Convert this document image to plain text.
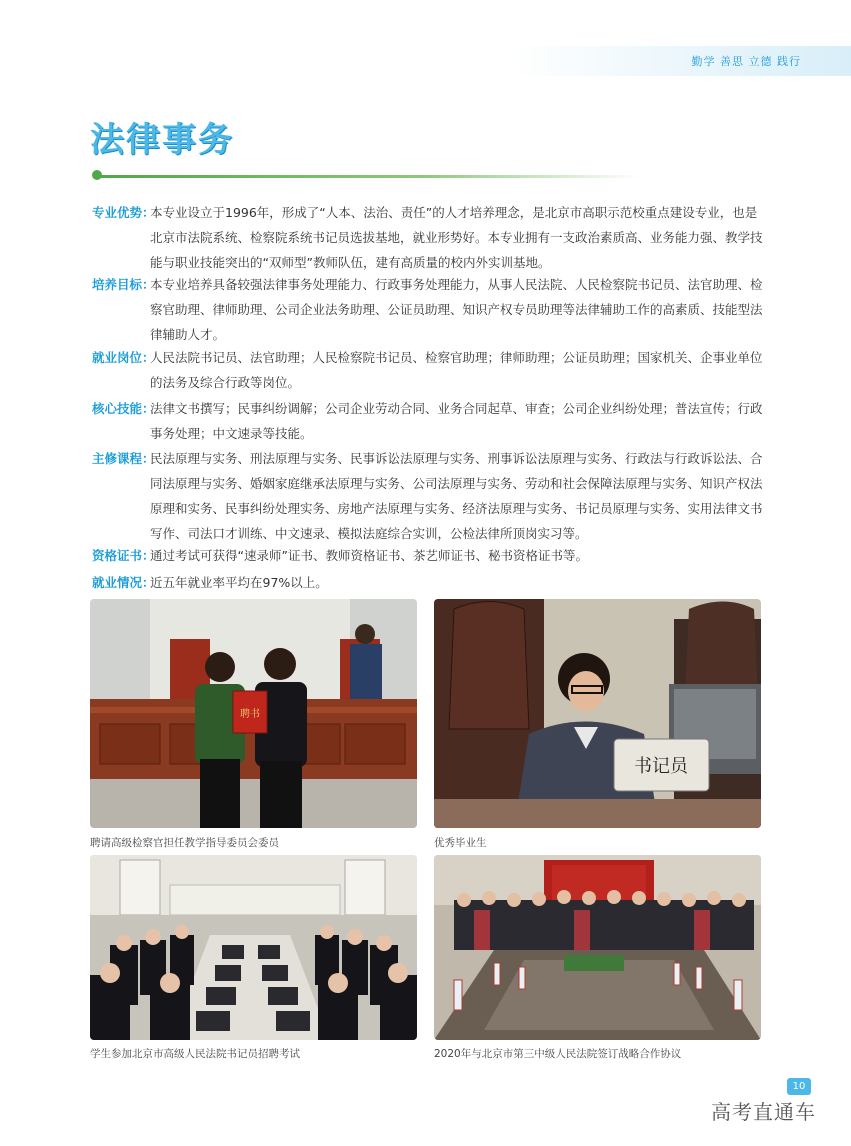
勤学 善思 立德 践行
法律事务
专业优势：
本专业设立于1996年，形成了“人本、法治、责任”的人才培养理念，是北京市高职示范校重点建设专业，也是北京市法院系统、检察院系统书记员选拔基地，就业形势好。本专业拥有一支政治素质高、业务能力强、教学技能与职业技能突出的“双师型”教师队伍，建有高质量的校内外实训基地。
培养目标：
本专业培养具备较强法律事务处理能力、行政事务处理能力，从事人民法院、人民检察院书记员、法官助理、检察官助理、律师助理、公司企业法务助理、公证员助理、知识产权专员助理等法律辅助工作的高素质、技能型法律辅助人才。
就业岗位：
人民法院书记员、法官助理；人民检察院书记员、检察官助理；律师助理；公证员助理；国家机关、企事业单位的法务及综合行政等岗位。
核心技能：
法律文书撰写；民事纠纷调解；公司企业劳动合同、业务合同起草、审查；公司企业纠纷处理；普法宣传；行政事务处理；中文速录等技能。
主修课程：
民法原理与实务、刑法原理与实务、民事诉讼法原理与实务、刑事诉讼法原理与实务、行政法与行政诉讼法、合同法原理与实务、婚姻家庭继承法原理与实务、公司法原理与实务、劳动和社会保障法原理与实务、知识产权法原理和实务、民事纠纷处理实务、房地产法原理与实务、经济法原理与实务、书记员原理与实务、实用法律文书写作、司法口才训练、中文速录、模拟法庭综合实训，公检法律所顶岗实习等。
资格证书：
通过考试可获得“速录师”证书、教师资格证书、茶艺师证书、秘书资格证书等。
就业情况：
近五年就业率平均在97%以上。
聘书
聘请高级检察官担任教学指导委员会委员
书记员
优秀毕业生
学生参加北京市高级人民法院书记员招聘考试	2020年与北京市第三中级人民法院签订战略合作协议
10
高考直通车
